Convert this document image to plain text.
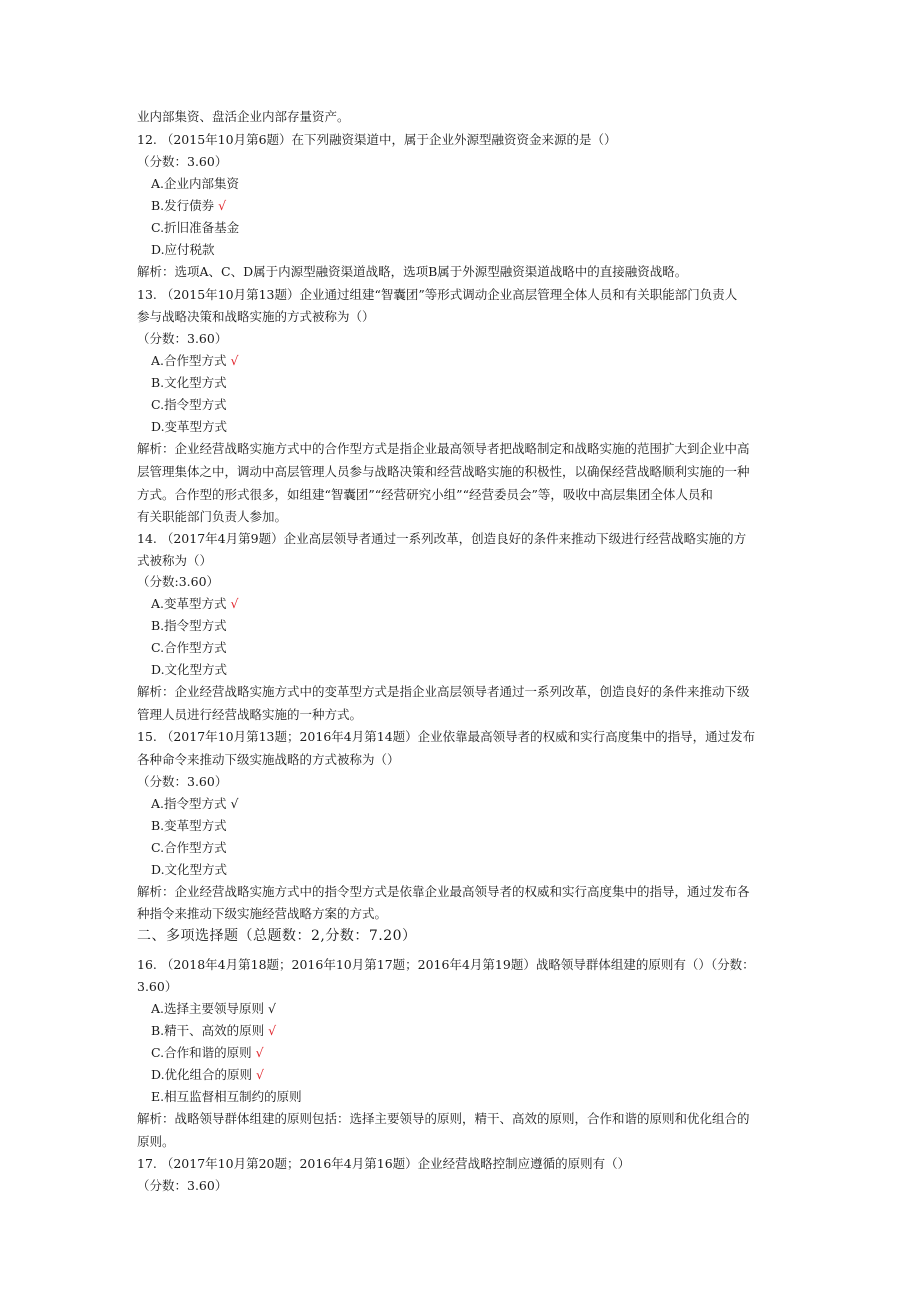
业内部集资、盘活企业内部存量资产。
12. （2015年10月第6题）在下列融资渠道中，属于企业外源型融资资金来源的是（）
（分数：3.60）
A.企业内部集资
B.发行债券 √
C.折旧准备基金
D.应付税款
解析：选项A、C、D属于内源型融资渠道战略，选项B属于外源型融资渠道战略中的直接融资战略。
13. （2015年10月第13题）企业通过组建“智囊团”等形式调动企业高层管理全体人员和有关职能部门负责人
参与战略决策和战略实施的方式被称为（）
（分数：3.60）
A.合作型方式 √
B.文化型方式
C.指令型方式
D.变革型方式
解析：企业经营战略实施方式中的合作型方式是指企业最高领导者把战略制定和战略实施的范围扩大到企业中高
层管理集体之中，调动中高层管理人员参与战略决策和经营战略实施的积极性，以确保经营战略顺利实施的一种
方式。合作型的形式很多，如组建“智囊团”“经营研究小组”“经营委员会”等，吸收中高层集团全体人员和
有关职能部门负责人参加。
14. （2017年4月第9题）企业高层领导者通过一系列改革，创造良好的条件来推动下级进行经营战略实施的方
式被称为（）
（分数:3.60）
A.变革型方式 √
B.指令型方式
C.合作型方式
D.文化型方式
解析：企业经营战略实施方式中的变革型方式是指企业高层领导者通过一系列改革，创造良好的条件来推动下级
管理人员进行经营战略实施的一种方式。
15. （2017年10月第13题；2016年4月第14题）企业依靠最高领导者的权威和实行高度集中的指导，通过发布
各种命令来推动下级实施战略的方式被称为（）
（分数：3.60）
A.指令型方式 √
B.变革型方式
C.合作型方式
D.文化型方式
解析：企业经营战略实施方式中的指令型方式是依靠企业最高领导者的权威和实行高度集中的指导，通过发布各
种指令来推动下级实施经营战略方案的方式。
二、多项选择题（总题数：2,分数：7.20）
16. （2018年4月第18题；2016年10月第17题；2016年4月第19题）战略领导群体组建的原则有（）（分数：
3.60）
A.选择主要领导原则 √
B.精干、高效的原则 √
C.合作和谐的原则 √
D.优化组合的原则 √
E.相互监督相互制约的原则
解析：战略领导群体组建的原则包括：选择主要领导的原则，精干、高效的原则，合作和谐的原则和优化组合的
原则。
17. （2017年10月第20题；2016年4月第16题）企业经营战略控制应遵循的原则有（）
（分数：3.60）
